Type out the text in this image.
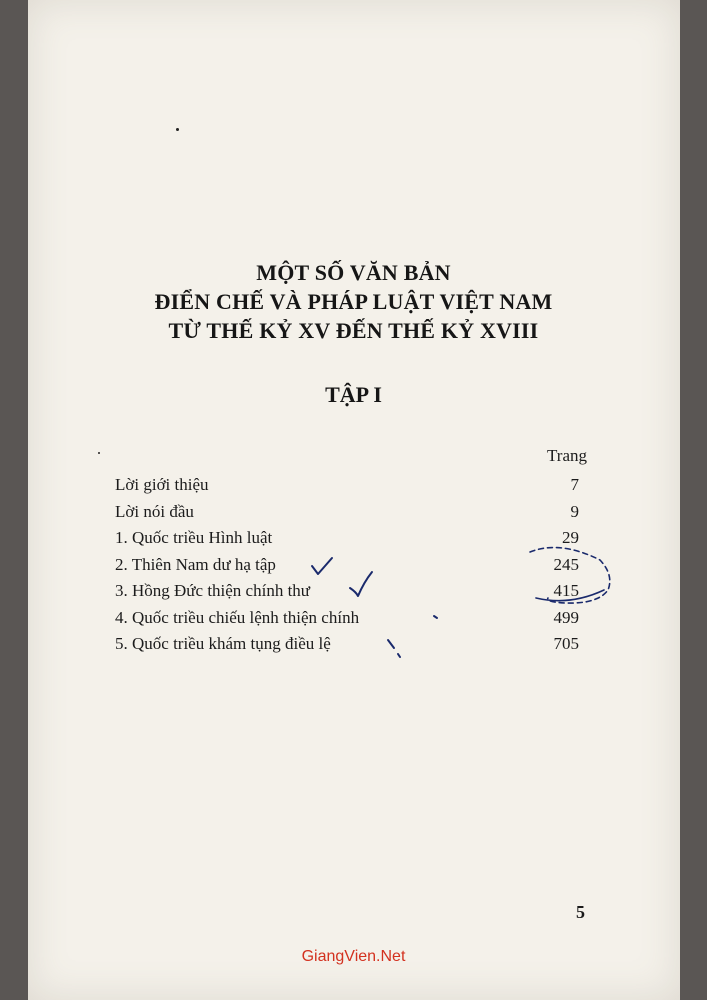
MỘT SỐ VĂN BẢN
ĐIỂN CHẾ VÀ PHÁP LUẬT VIỆT NAM
TỪ THẾ KỶ XV ĐẾN THẾ KỶ XVIII
TẬP I
Trang
Lời giới thiệu	7
Lời nói đầu	9
1. Quốc triều Hình luật	29
2. Thiên Nam dư hạ tập	245
3. Hồng Đức thiện chính thư	415
4. Quốc triều chiếu lệnh thiện chính	499
5. Quốc triều khám tụng điều lệ	705
5
GiangVien.Net
